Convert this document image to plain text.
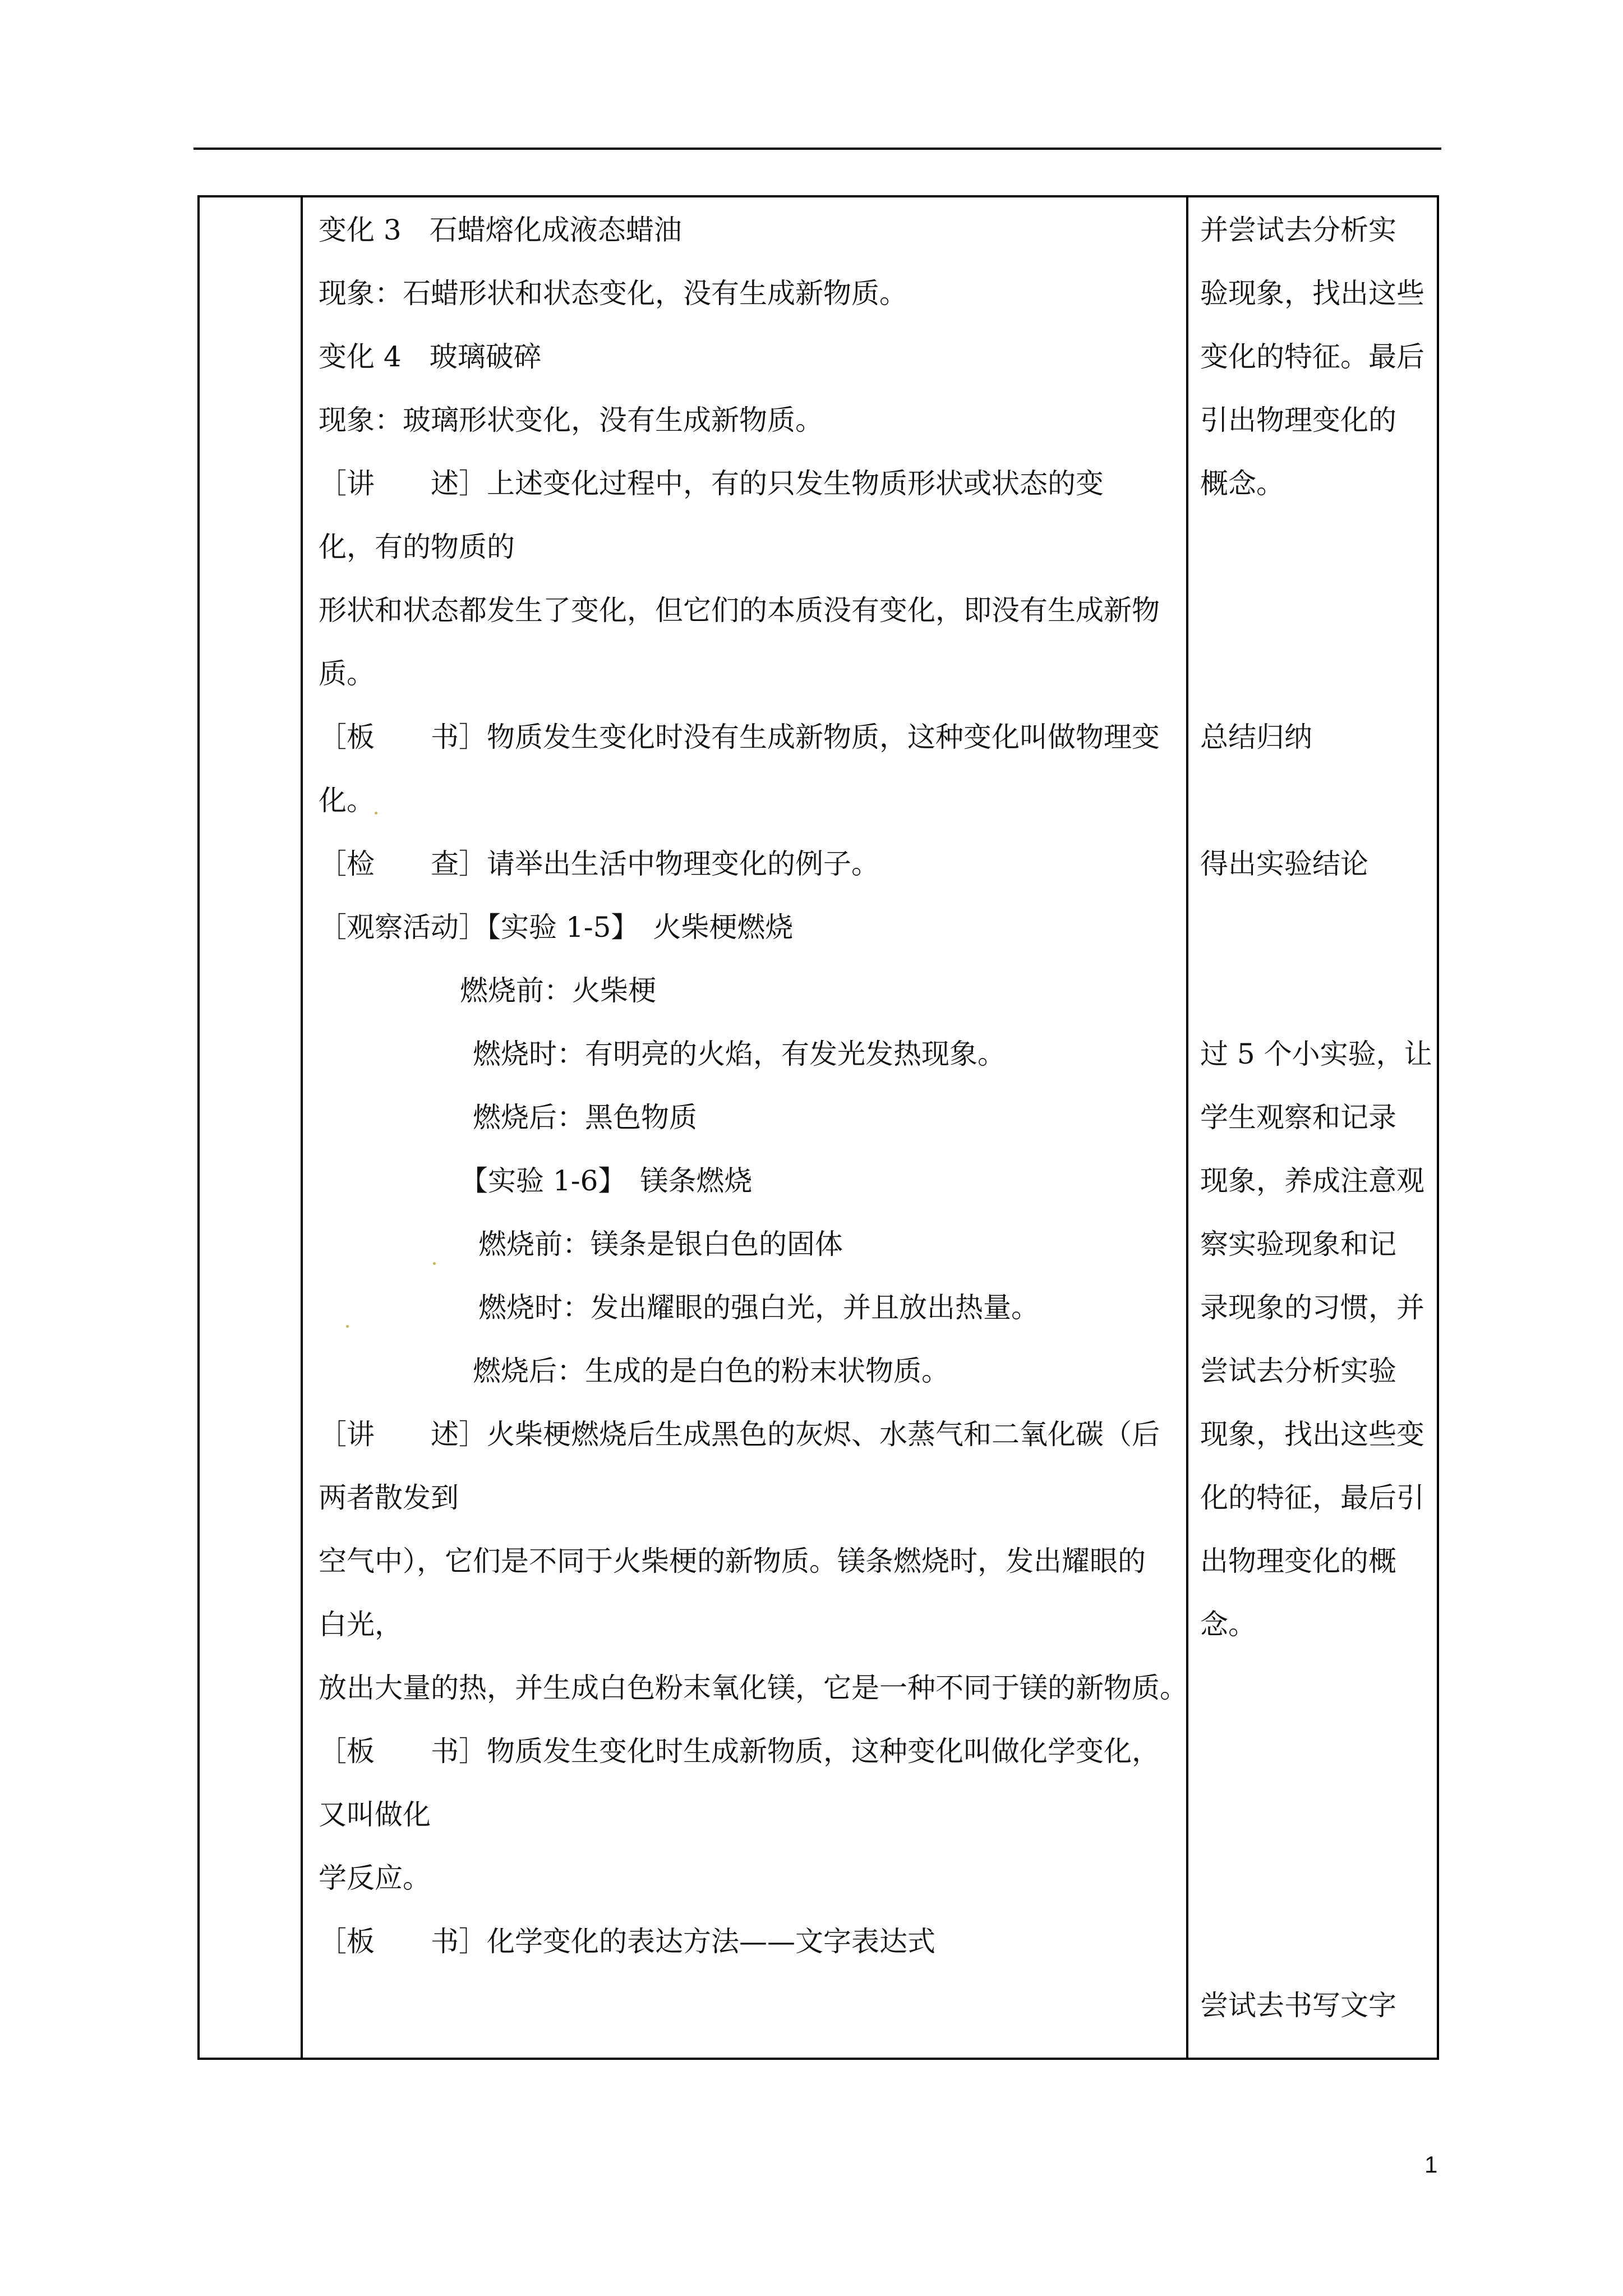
变化 3　石蜡熔化成液态蜡油
现象：石蜡形状和状态变化，没有生成新物质。
变化 4　玻璃破碎
现象：玻璃形状变化，没有生成新物质。
［讲　　述］上述变化过程中，有的只发生物质形状或状态的变
化，有的物质的
形状和状态都发生了变化，但它们的本质没有变化，即没有生成新物
质。
［板　　书］物质发生变化时没有生成新物质，这种变化叫做物理变
化。
［检　　查］请举出生活中物理变化的例子。
［观察活动］【实验 1-5】　火柴梗燃烧
燃烧前：火柴梗
燃烧时：有明亮的火焰，有发光发热现象。
燃烧后：黑色物质
【实验 1-6】　镁条燃烧
燃烧前：镁条是银白色的固体
燃烧时：发出耀眼的强白光，并且放出热量。
燃烧后：生成的是白色的粉末状物质。
［讲　　述］火柴梗燃烧后生成黑色的灰烬、水蒸气和二氧化碳（后
两者散发到
空气中），它们是不同于火柴梗的新物质。镁条燃烧时，发出耀眼的
白光，
放出大量的热，并生成白色粉末氧化镁，它是一种不同于镁的新物质。
［板　　书］物质发生变化时生成新物质，这种变化叫做化学变化，
又叫做化
学反应。
［板　　书］化学变化的表达方法——文字表达式
并尝试去分析实
验现象，找出这些
变化的特征。最后
引出物理变化的
概念。
总结归纳
得出实验结论
过 5 个小实验，让
学生观察和记录
现象，养成注意观
察实验现象和记
录现象的习惯，并
尝试去分析实验
现象，找出这些变
化的特征，最后引
出物理变化的概
念。
尝试去书写文字
1
